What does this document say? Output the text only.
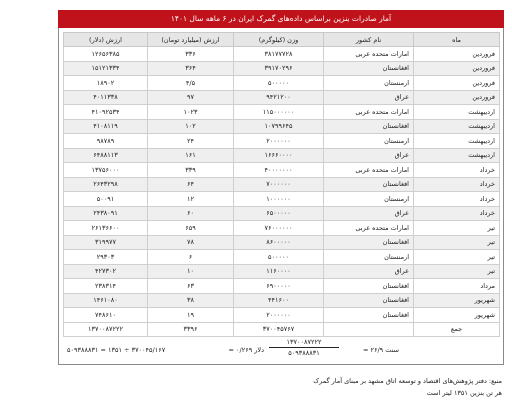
آمار صادرات بنزین براساس داده‌های گمرک ایران در ۶ ماهه سال ۱۴۰۱
ماه	نام کشور	وزن (کیلوگرم)	ارزش (میلیارد تومان)	ارزش (دلار)
فروردین	امارات متحده عربی	۳۸۱۷۷۷۲۸	۳۳۶	۱۲۶۵۶۳۸۵
فروردین	افغانستان	۳۹۱۷۰۲۹۶	۳۶۴	۱۵۱۲۱۳۳۴
فروردین	ارمنستان	۵۰۰۰۰۰	۴/۵	۱۸۹۰۲
فروردین	عراق	۹۴۲۱۲۰۰	۹۷	۴۰۱۱۳۳۸
اردیبهشت	امارات متحده عربی	۱۱۵۰۰۰۰۰۰	۱۰۲۳	۴۱۰۹۲۵۳۴
اردیبهشت	افغانستان	۱۰۷۹۹۶۴۵	۱۰۲	۴۱۰۸۱۱۹
اردیبهشت	ارمنستان	۲۰۰۰۰۰۰	۲۴	۹۸۷۸۹
اردیبهشت	عراق	۱۶۶۶۰۰۰۰	۱۶۱	۶۴۸۸۱۱۳
خرداد	امارات متحده عربی	۴۰۰۰۰۰۰۰	۳۳۹	۱۳۷۵۶۰۰۰
خرداد	افغانستان	۷۰۰۰۰۰۰	۶۴	۲۶۴۳۲۹۸
خرداد	ارمنستان	۱۰۰۰۰۰۰	۱۲	۵۰۰۹۱
خرداد	عراق	۶۵۰۰۰۰۰	۶۰	۲۴۳۸۰۹۱
تیر	امارات متحده عربی	۷۶۰۰۰۰۰۰	۶۵۹	۲۶۱۳۶۶۰۰
تیر	افغانستان	۸۶۰۰۰۰۰	۷۸	۳۱۹۹۷۷
تیر	ارمنستان	۵۰۰۰۰۰	۶	۲۹۳۰۳
تیر	عراق	۱۱۶۰۰۰۰	۱۰	۴۲۷۳۰۲
مرداد	افغانستان	۶۹۰۰۰۰۰	۶۳	۲۳۸۳۱۴
شهریور	افغانستان	۴۴۱۶۰۰	۳۸	۱۴۶۱۰۸۰
شهریور	افغانستان	۲۰۰۰۰۰۰	۱۹	۷۴۸۶۱۰
جمع		۳۷۰۰۴۵۷۶۷	۳۳۹۶	۱۳۷۰۰۸۷۲۲۲
سنت ۲۶/۹ =
۱۳۷۰۰۸۷۲۲۲
۵۰۹۳۸۸۸۳۱
دلار ۰/۲۶۹ =
۳۷۰۰۴۵/۱۶۷ ÷ ۱۳۵۱ = ۵۰۹۳۸۸۸۳۱
منبع: دفتر پژوهش‌های اقتصاد و توسعه اتاق مشهد بر مبنای آمار گمرک
هر تن بنزین ۱۳۵۱ لیتر است
